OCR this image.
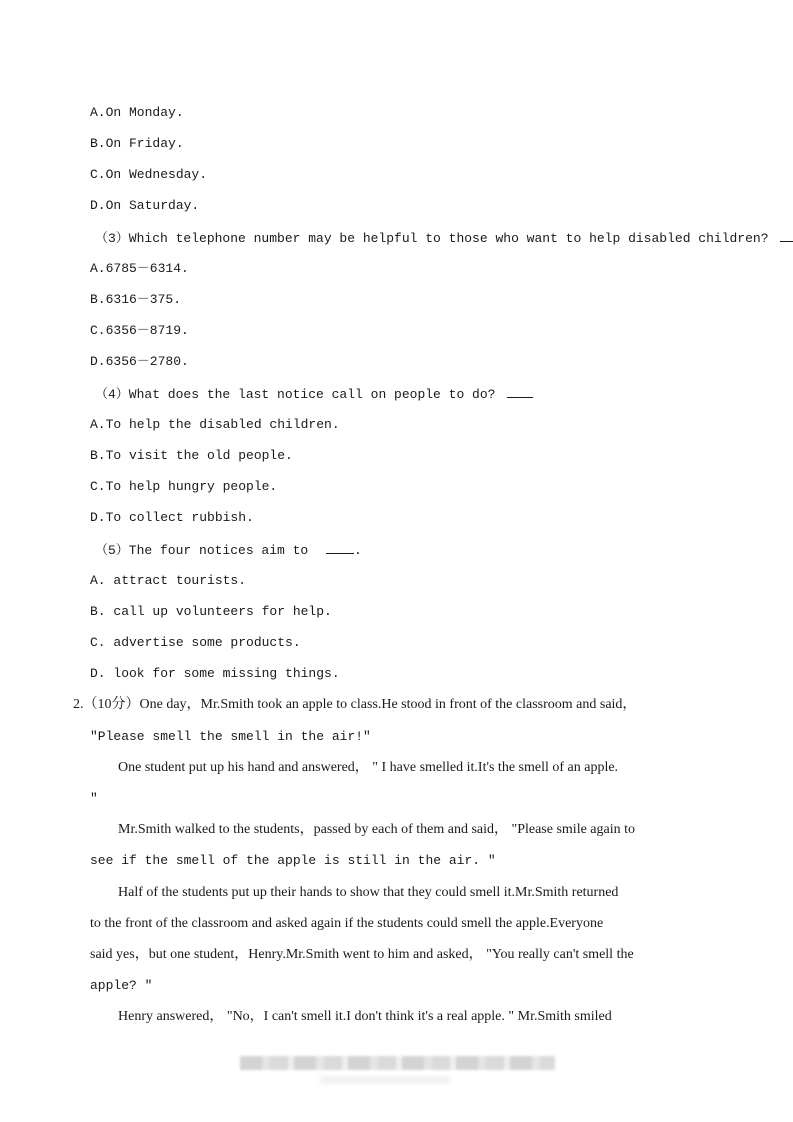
A.On Monday.
B.On Friday.
C.On Wednesday.
D.On Saturday.
（3）Which telephone number may be helpful to those who want to help disabled children?
A.6785－6314.
B.6316－375.
C.6356－8719.
D.6356－2780.
（4）What does the last notice call on people to do?
A.To help the disabled children.
B.To visit the old people.
C.To help hungry people.
D.To collect rubbish.
（5）The four notices aim to	.
A. attract tourists.
B. call up volunteers for help.
C. advertise some products.
D. look for some missing things.
2.（10分）One day，Mr.Smith took an apple to class.He stood in front of the classroom and said，
"Please smell the smell in the air!"
One student put up his hand and answered， " I have smelled it.It's the smell of an apple.
"
Mr.Smith walked to the students，passed by each of them and said， "Please smile again to
see if the smell of the apple is still in the air. "
Half of the students put up their hands to show that they could smell it.Mr.Smith returned
to the front of the classroom and asked again if the students could smell the apple.Everyone
said yes，but one student，Henry.Mr.Smith went to him and asked， "You really can't smell the
apple? "
Henry answered， "No，I can't smell it.I don't think it's a real apple. " Mr.Smith smiled
